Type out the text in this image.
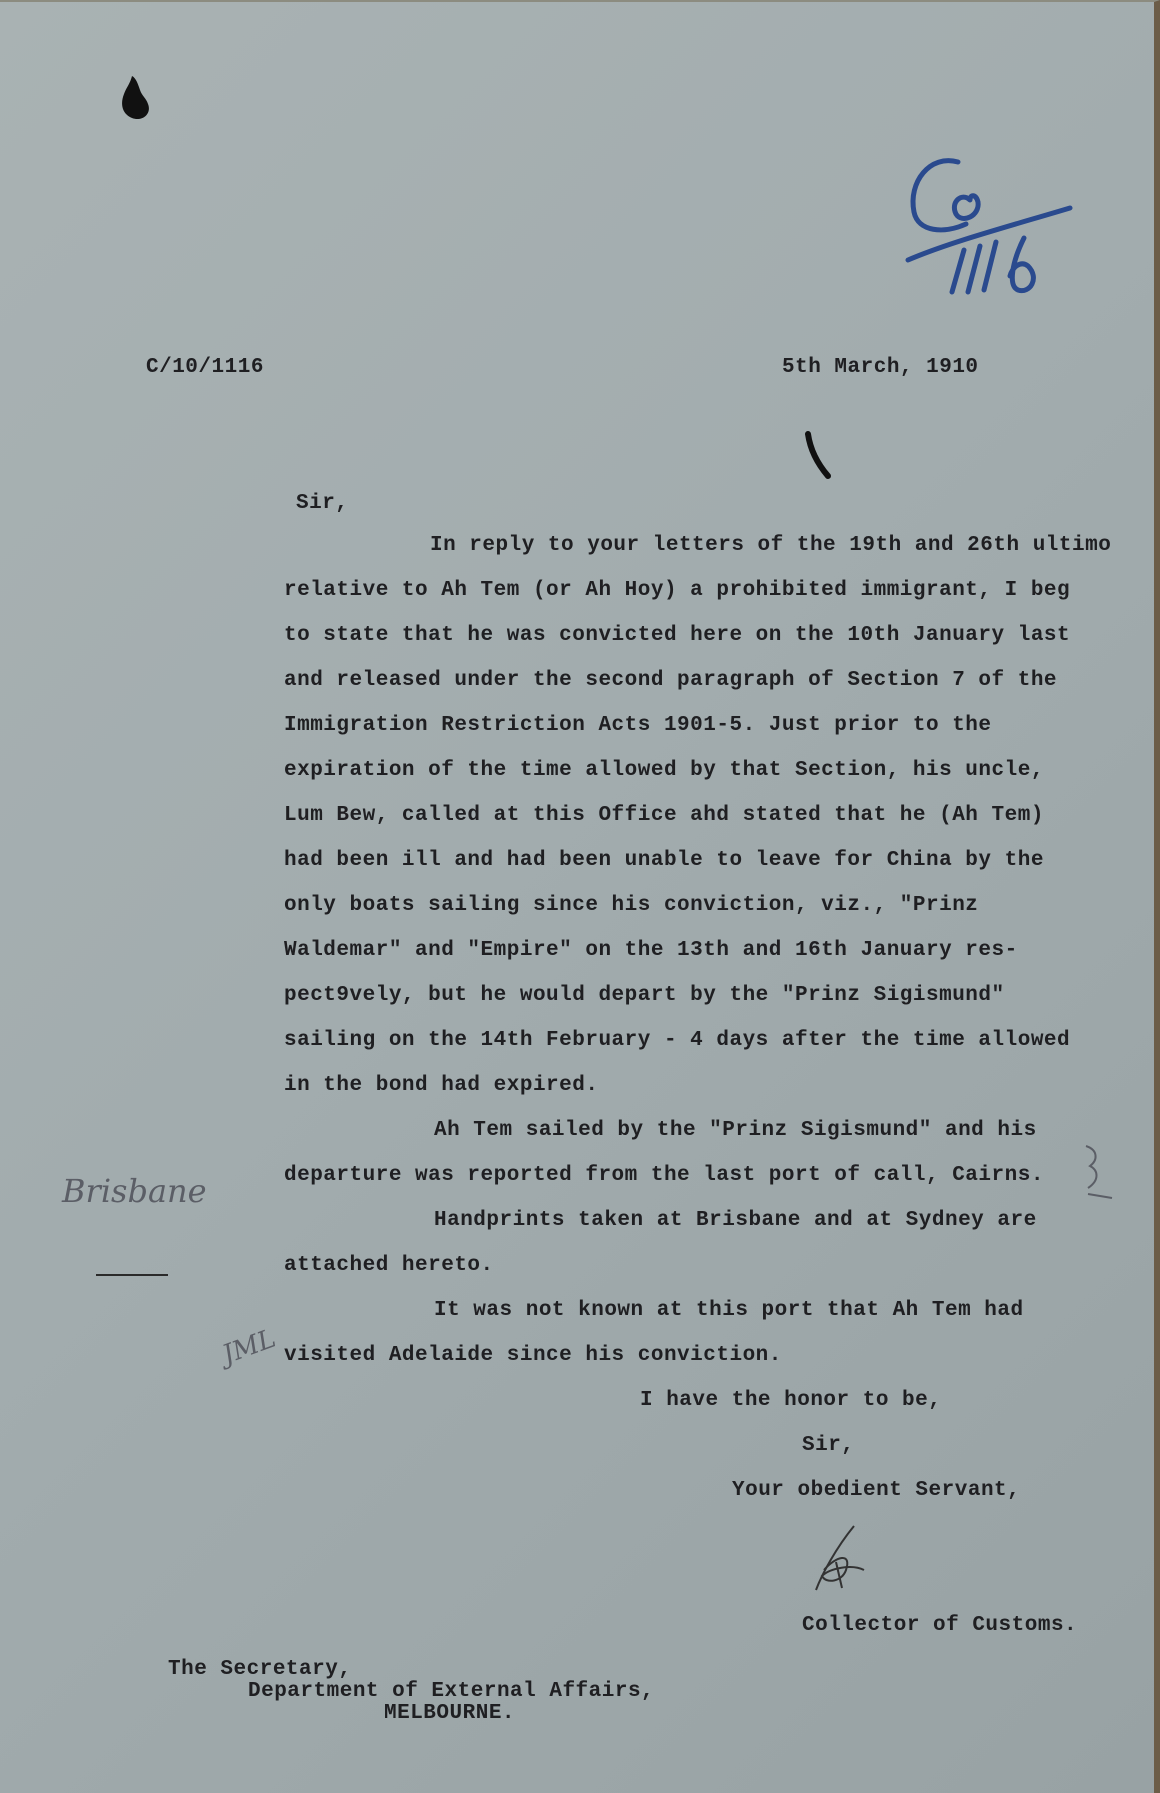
C/10/1116	5th March, 1910
Sir,
In reply to your letters of the 19th and 26th ultimo
relative to Ah Tem (or Ah Hoy) a prohibited immigrant, I beg
to state that he was convicted here on the 10th January last
and released under the second paragraph of Section 7 of the
Immigration Restriction Acts 1901-5. Just prior to the
expiration of the time allowed by that Section, his uncle,
Lum Bew, called at this Office ahd stated that he (Ah Tem)
had been ill and had been unable to leave for China by the
only boats sailing since his conviction, viz., "Prinz
Waldemar" and "Empire" on the 13th and 16th January res-
pect9vely, but he would depart by the "Prinz Sigismund"
sailing on the 14th February - 4 days after the time allowed
in the bond had expired.
Ah Tem sailed by the "Prinz Sigismund" and his
departure was reported from the last port of call, Cairns.
Handprints taken at Brisbane and at Sydney are
attached hereto.
It was not known at this port that Ah Tem had
visited Adelaide since his conviction.
Brisbane
JML
I have the honor to be,
Sir,
Your obedient Servant,
Collector of Customs.
The Secretary,
Department of External Affairs,
MELBOURNE.
